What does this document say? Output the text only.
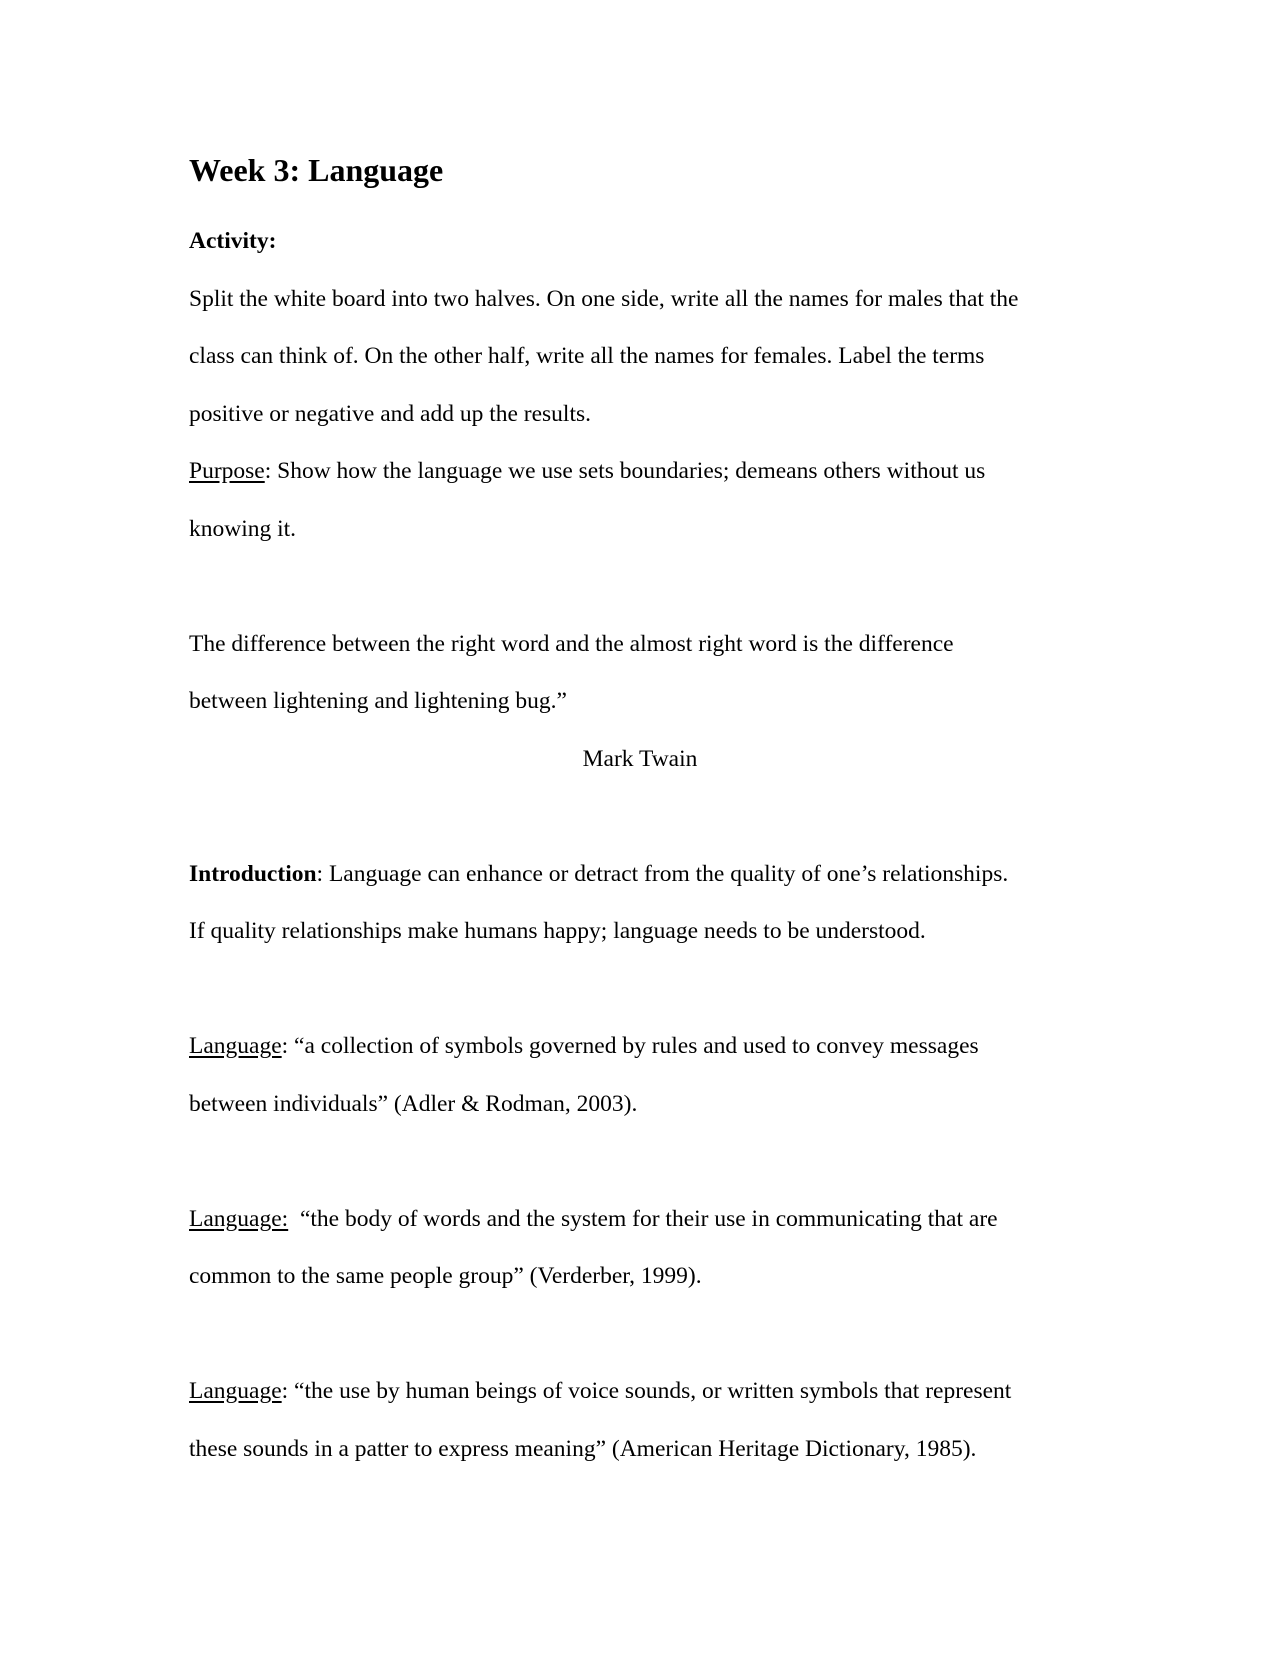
Week 3: Language
Activity:
Split the white board into two halves. On one side, write all the names for males that the
class can think of. On the other half, write all the names for females. Label the terms
positive or negative and add up the results.
Purpose: Show how the language we use sets boundaries; demeans others without us
knowing it.
The difference between the right word and the almost right word is the difference
between lightening and lightening bug.”
Mark Twain
Introduction: Language can enhance or detract from the quality of one’s relationships.
If quality relationships make humans happy; language needs to be understood.
Language: “a collection of symbols governed by rules and used to convey messages
between individuals” (Adler & Rodman, 2003).
Language:  “the body of words and the system for their use in communicating that are
common to the same people group” (Verderber, 1999).
Language: “the use by human beings of voice sounds, or written symbols that represent
these sounds in a patter to express meaning” (American Heritage Dictionary, 1985).
